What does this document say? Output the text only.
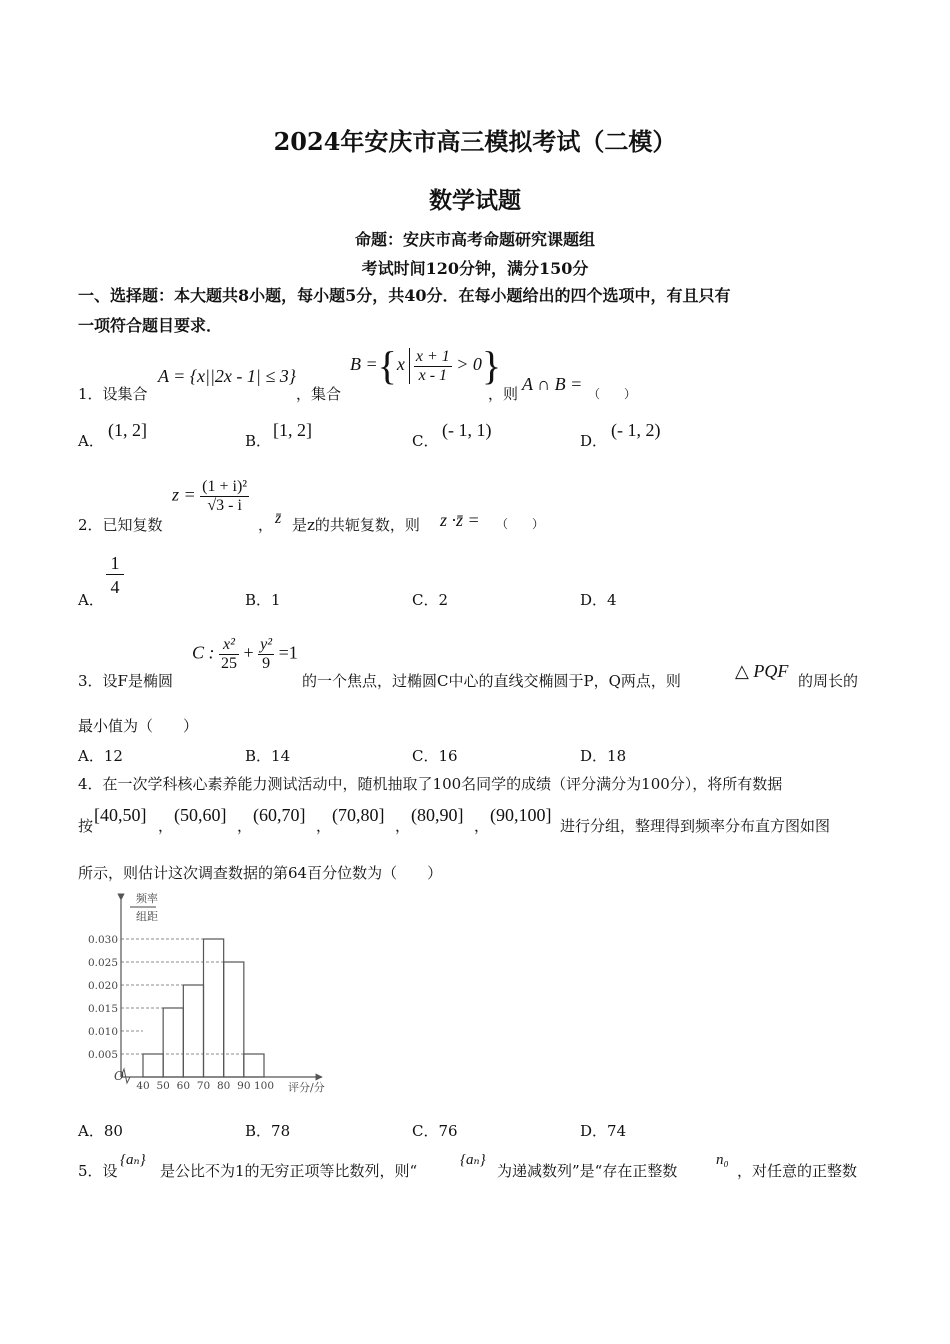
2024年安庆市高三模拟考试（二模）
数学试题
命题：安庆市高考命题研究课题组
考试时间120分钟，满分150分
一、选择题：本大题共8小题，每小题5分，共40分．在每小题给出的四个选项中，有且只有
一项符合题目要求．
1．设集合
A = {x||2x - 1| ≤ 3}
，集合
$B =\{x \frac{x + 1}{x - 1} > 0\}$
，则 A ∩ B = （　　）
A．
(1, 2]
B．
[1, 2]
C．
(- 1, 1)
D．
(- 1, 2)
2．已知复数
$z = \frac{\text{(1 + i)²}}{√3 - i}$
， z̄ 是z的共轭复数，则 z ·z̄ = （　　）
A．
$\frac{1}{4}$
B．1	C．2	D．4
3．设F是椭圆
C : $\frac{\text{x²}}{25} + \frac{\text{y²}}{9} =1$
的一个焦点，过椭圆C中心的直线交椭圆于P，Q两点，则	△ PQF 的周长的
最小值为（　　）
A．12	B．14	C．16	D．18
4．在一次学科核心素养能力测试活动中，随机抽取了100名同学的成绩（评分满分为100分），将所有数据
按
[40,50]
，
(50,60]
，
(60,70]
，
(70,80]
，
(80,90]
，
(90,100]
进行分组，整理得到频率分布直方图如图
所示，则估计这次调查数据的第64百分位数为（　　）
频率
组距
0.030
0.025
0.020
0.015
0.010
0.005
40 50 60 70 80 90 100
O
评分/分
A．80	B．78	C．76	D．74
5．设
{aₙ}
是公比不为1的无穷正项等比数列，则“
{aₙ}
为递减数列”是“存在正整数
n₀
，对任意的正整数
